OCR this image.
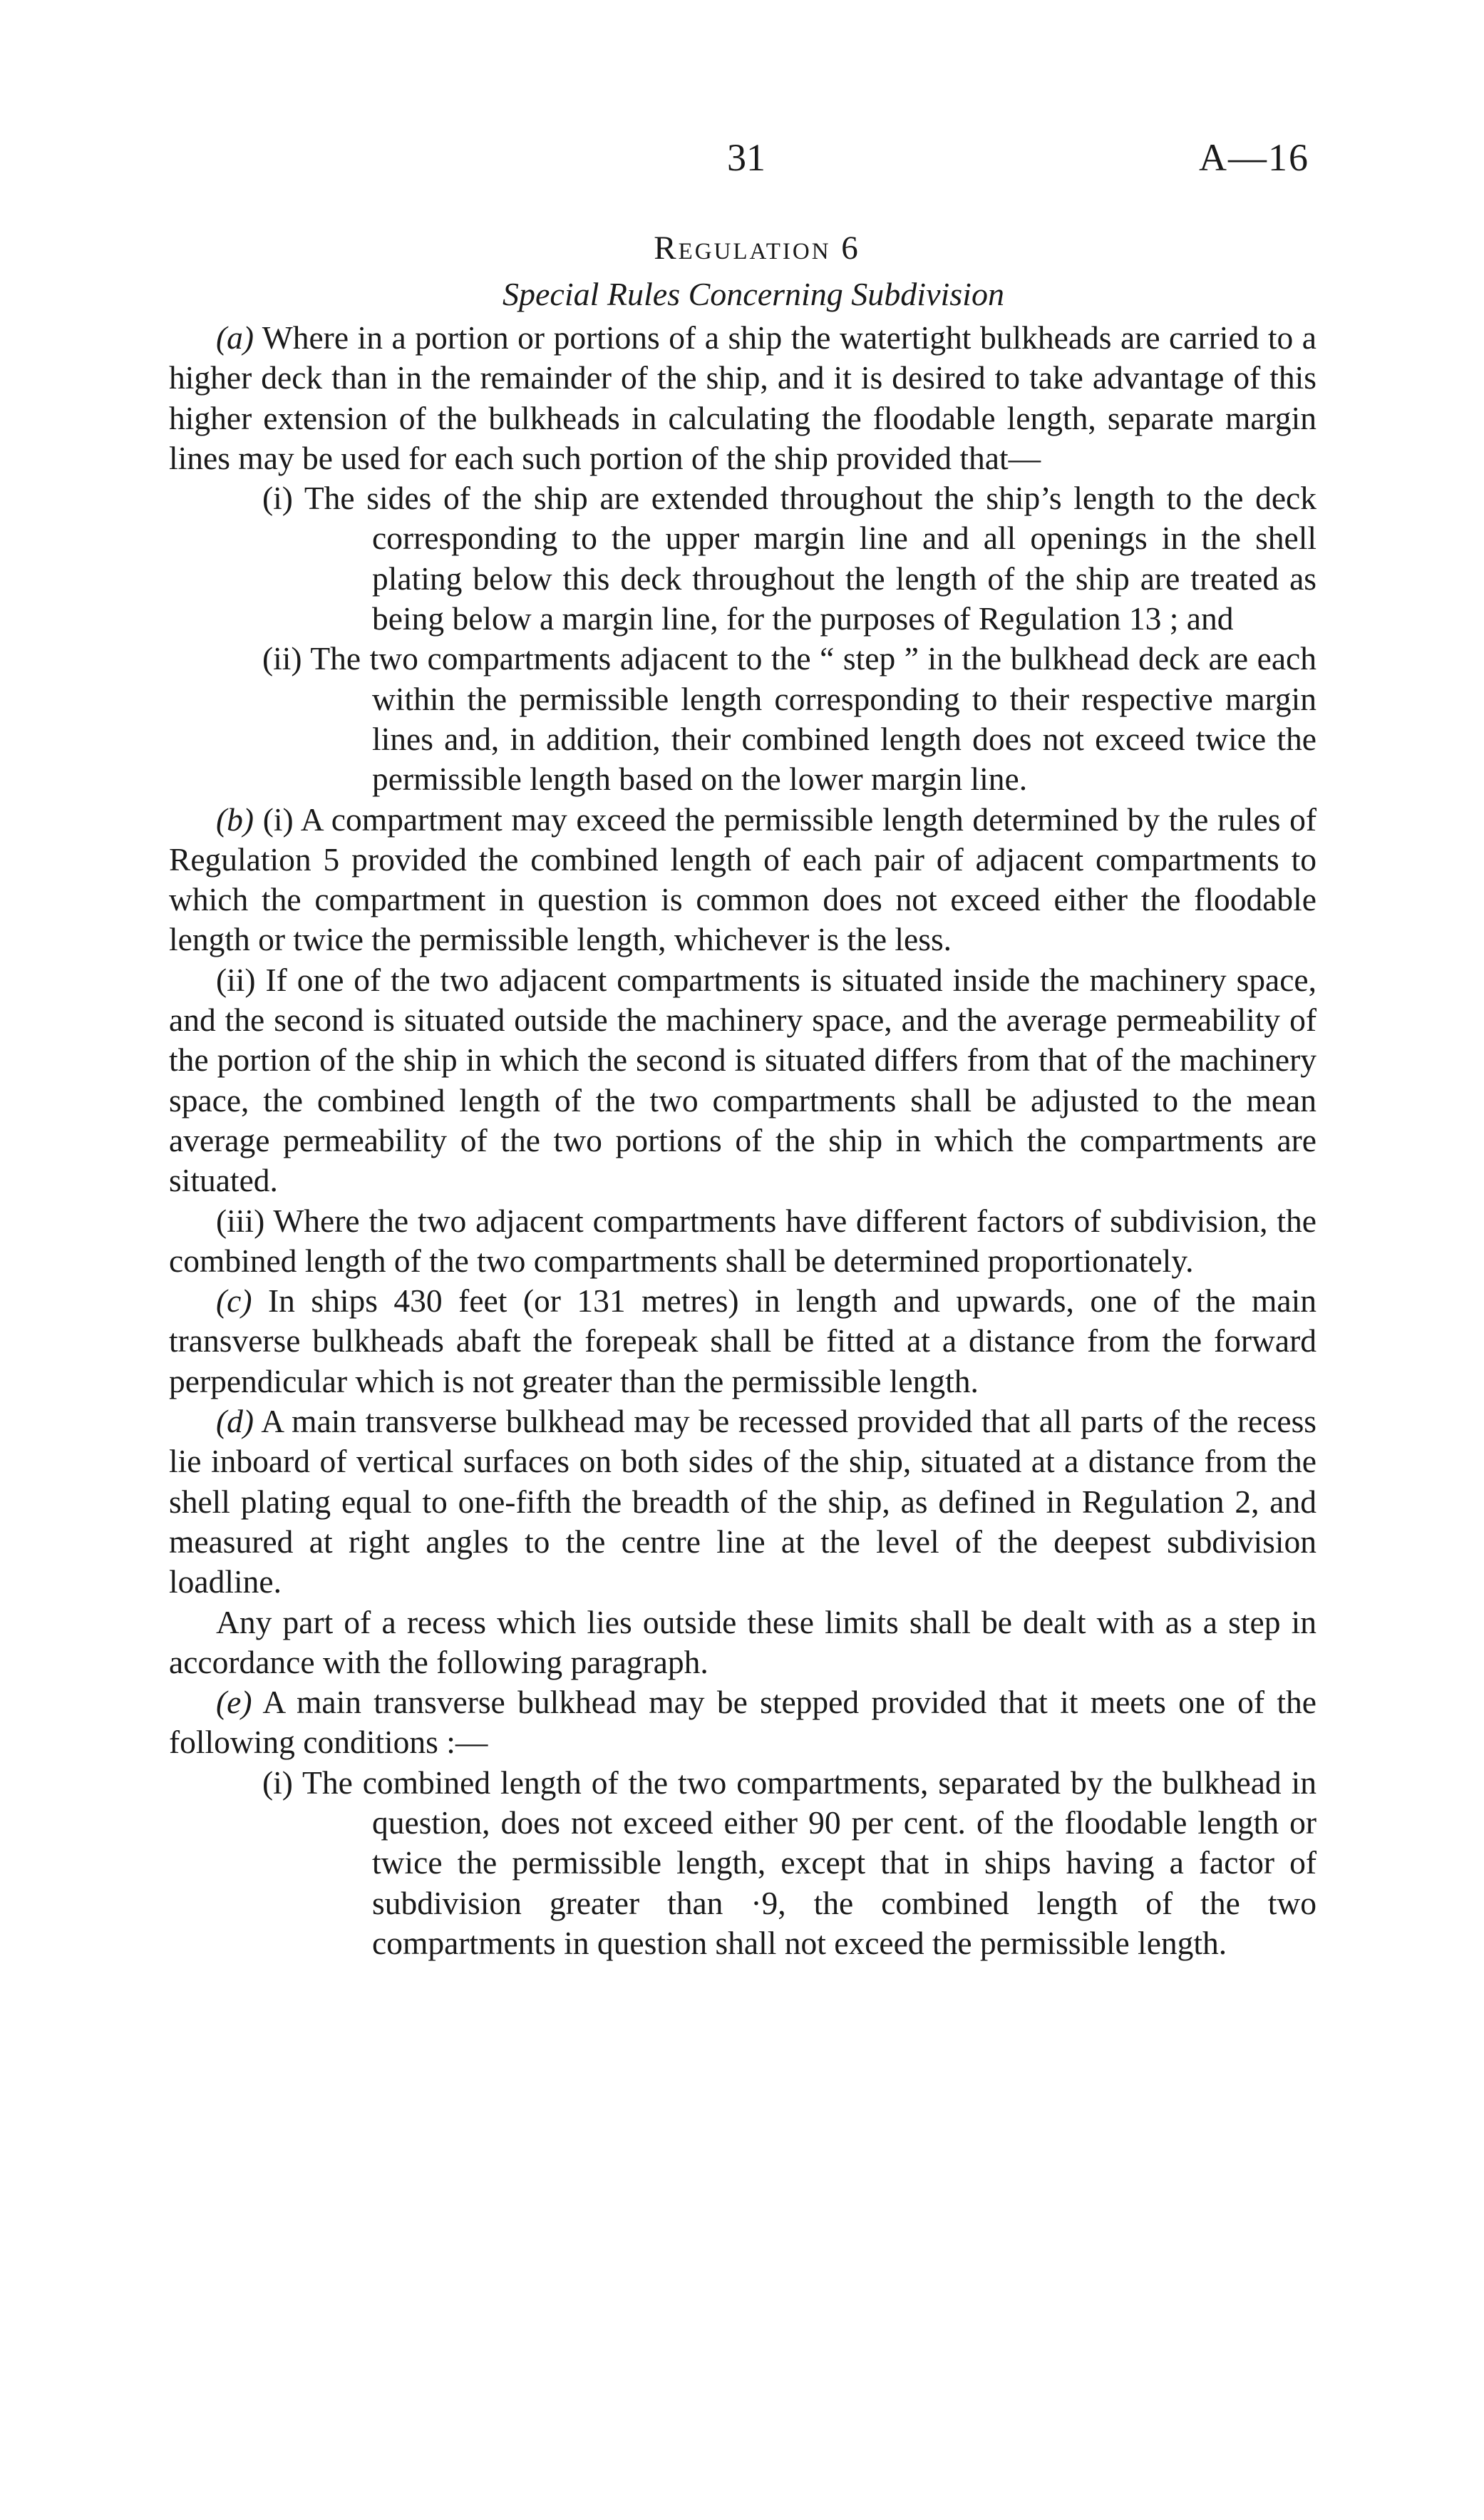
31	A—16
Regulation 6
Special Rules Concerning Subdivision

(a) Where in a portion or portions of a ship the watertight bulkheads are carried to a higher deck than in the remainder of the ship, and it is desired to take advantage of this higher extension of the bulkheads in calculating the floodable length, separate margin lines may be used for each such portion of the ship provided that—

(i) The sides of the ship are extended throughout the ship’s length to the deck corresponding to the upper margin line and all openings in the shell plating below this deck throughout the length of the ship are treated as being below a margin line, for the purposes of Regulation 13 ; and

(ii) The two compartments adjacent to the “ step ” in the bulkhead deck are each within the permissible length corresponding to their respective margin lines and, in addition, their combined length does not exceed twice the permissible length based on the lower margin line.

(b) (i) A compartment may exceed the permissible length determined by the rules of Regulation 5 provided the combined length of each pair of adjacent compartments to which the compartment in question is common does not exceed either the floodable length or twice the permissible length, whichever is the less.

(ii) If one of the two adjacent compartments is situated inside the machinery space, and the second is situated outside the machinery space, and the average permeability of the portion of the ship in which the second is situated differs from that of the machinery space, the combined length of the two compartments shall be adjusted to the mean average permeability of the two portions of the ship in which the compartments are situated.

(iii) Where the two adjacent compartments have different factors of subdivision, the combined length of the two compartments shall be determined proportionately.

(c) In ships 430 feet (or 131 metres) in length and upwards, one of the main transverse bulkheads abaft the forepeak shall be fitted at a distance from the forward perpendicular which is not greater than the permissible length.

(d) A main transverse bulkhead may be recessed provided that all parts of the recess lie inboard of vertical surfaces on both sides of the ship, situated at a distance from the shell plating equal to one-fifth the breadth of the ship, as defined in Regulation 2, and measured at right angles to the centre line at the level of the deepest subdivision loadline.

Any part of a recess which lies outside these limits shall be dealt with as a step in accordance with the following paragraph.

(e) A main transverse bulkhead may be stepped provided that it meets one of the following conditions :—

(i) The combined length of the two compartments, separated by the bulkhead in question, does not exceed either 90 per cent. of the floodable length or twice the permissible length, except that in ships having a factor of subdivision greater than ·9, the combined length of the two compartments in question shall not exceed the permissible length.
